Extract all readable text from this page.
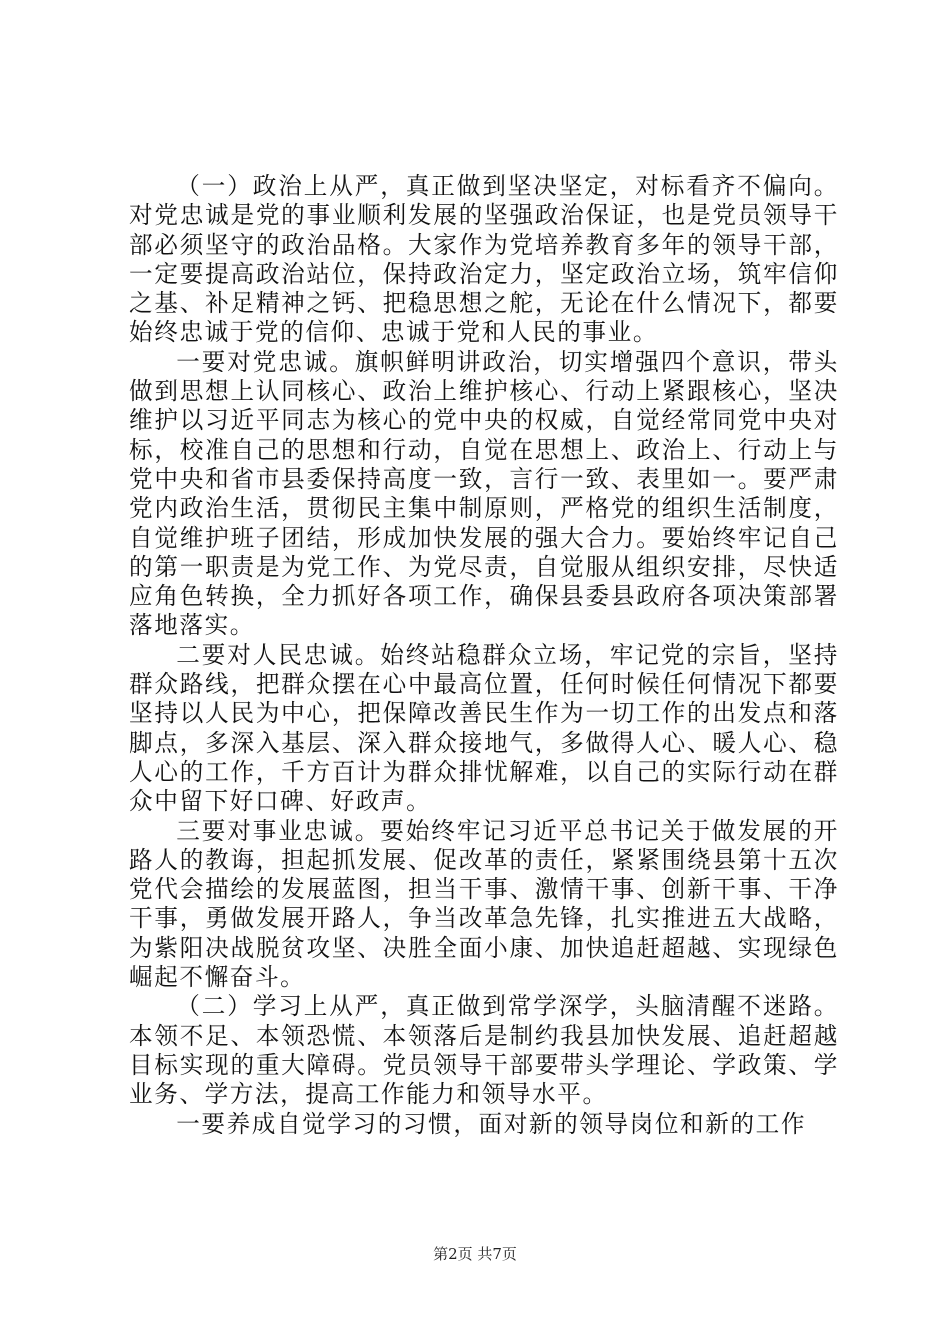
（一）政治上从严，真正做到坚决坚定，对标看齐不偏向。对党忠诚是党的事业顺利发展的坚强政治保证，也是党员领导干部必须坚守的政治品格。大家作为党培养教育多年的领导干部，一定要提高政治站位，保持政治定力，坚定政治立场，筑牢信仰之基、补足精神之钙、把稳思想之舵，无论在什么情况下，都要始终忠诚于党的信仰、忠诚于党和人民的事业。

一要对党忠诚。旗帜鲜明讲政治，切实增强四个意识，带头做到思想上认同核心、政治上维护核心、行动上紧跟核心，坚决维护以习近平同志为核心的党中央的权威，自觉经常同党中央对标，校准自己的思想和行动，自觉在思想上、政治上、行动上与党中央和省市县委保持高度一致，言行一致、表里如一。要严肃党内政治生活，贯彻民主集中制原则，严格党的组织生活制度，自觉维护班子团结，形成加快发展的强大合力。要始终牢记自己的第一职责是为党工作、为党尽责，自觉服从组织安排，尽快适应角色转换，全力抓好各项工作，确保县委县政府各项决策部署落地落实。

二要对人民忠诚。始终站稳群众立场，牢记党的宗旨，坚持群众路线，把群众摆在心中最高位置，任何时候任何情况下都要坚持以人民为中心，把保障改善民生作为一切工作的出发点和落脚点，多深入基层、深入群众接地气，多做得人心、暖人心、稳人心的工作，千方百计为群众排忧解难，以自己的实际行动在群众中留下好口碑、好政声。

三要对事业忠诚。要始终牢记习近平总书记关于做发展的开路人的教诲，担起抓发展、促改革的责任，紧紧围绕县第十五次党代会描绘的发展蓝图，担当干事、激情干事、创新干事、干净干事，勇做发展开路人，争当改革急先锋，扎实推进五大战略，为紫阳决战脱贫攻坚、决胜全面小康、加快追赶超越、实现绿色崛起不懈奋斗。

（二）学习上从严，真正做到常学深学，头脑清醒不迷路。本领不足、本领恐慌、本领落后是制约我县加快发展、追赶超越目标实现的重大障碍。党员领导干部要带头学理论、学政策、学业务、学方法，提高工作能力和领导水平。

一要养成自觉学习的习惯，面对新的领导岗位和新的工作

第2页 共7页
